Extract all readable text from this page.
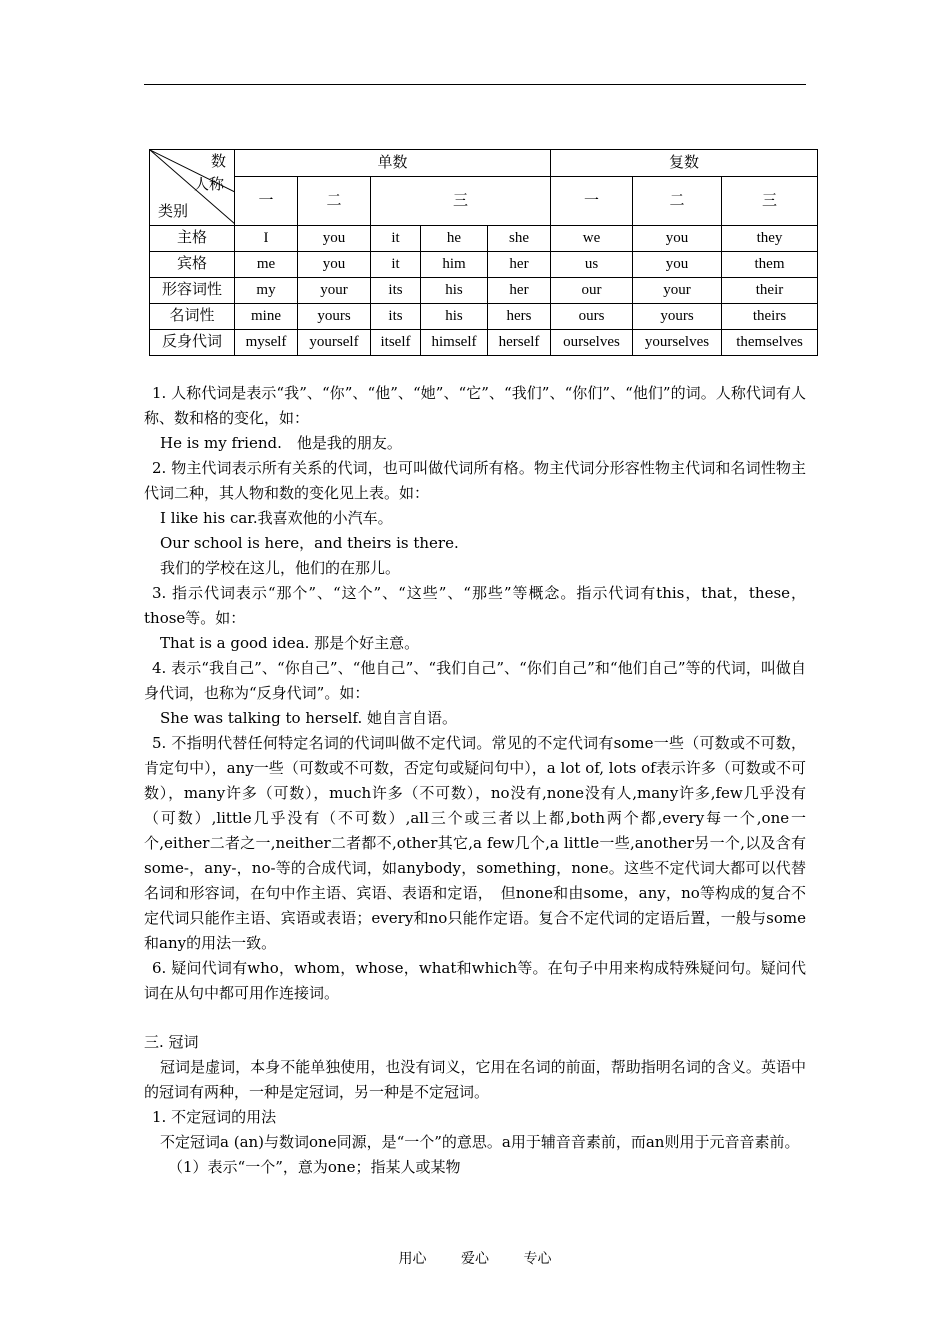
数
人称
类别	单数					复数		
	一	二	三			一	二	三
主格	I	you	it	he	she	we	you	they
宾格	me	you	it	him	her	us	you	them
形容词性	my	your	its	his	her	our	your	their
名词性	mine	yours	its	his	hers	ours	yours	theirs
反身代词	myself	yourself	itself	himself	herself	ourselves	yourselves	themselves

1. 人称代词是表示“我”、“你”、“他”、“她”、“它”、“我们”、“你们”、“他们”的词。人称代词有人称、数和格的变化，如：

He is my friend.　他是我的朋友。

2. 物主代词表示所有关系的代词，也可叫做代词所有格。物主代词分形容性物主代词和名词性物主代词二种，其人物和数的变化见上表。如：

I like his car.我喜欢他的小汽车。

Our school is here，and theirs is there.

我们的学校在这儿，他们的在那儿。

3. 指示代词表示“那个”、“这个”、“这些”、“那些”等概念。指示代词有this，that，these，those等。如：

That is a good idea. 那是个好主意。

4. 表示“我自己”、“你自己”、“他自己”、“我们自己”、“你们自己”和“他们自己”等的代词，叫做自身代词，也称为“反身代词”。如：

She was talking to herself. 她自言自语。

5. 不指明代替任何特定名词的代词叫做不定代词。常见的不定代词有some一些（可数或不可数，肯定句中），any一些（可数或不可数，否定句或疑问句中），a lot of, lots of表示许多（可数或不可数），many许多（可数），much许多（不可数），no没有,none没有人,many许多,few几乎没有（可数）,little几乎没有（不可数）,all三个或三者以上都,both两个都,every每一个,one一个,either二者之一,neither二者都不,other其它,a few几个,a little一些,another另一个,以及含有some-，any-，no-等的合成代词，如anybody，something，none。这些不定代词大都可以代替名词和形容词，在句中作主语、宾语、表语和定语，　但none和由some，any，no等构成的复合不定代词只能作主语、宾语或表语；every和no只能作定语。复合不定代词的定语后置，一般与some和any的用法一致。

6. 疑问代词有who，whom，whose，what和which等。在句子中用来构成特殊疑问句。疑问代词在从句中都可用作连接词。

三. 冠词

冠词是虚词，本身不能单独使用，也没有词义，它用在名词的前面，帮助指明名词的含义。英语中的冠词有两种，一种是定冠词，另一种是不定冠词。

1. 不定冠词的用法

不定冠词a (an)与数词one同源，是“一个”的意思。a用于辅音音素前，而an则用于元音音素前。

（1）表示“一个”，意为one；指某人或某物

用心 爱心 专心
